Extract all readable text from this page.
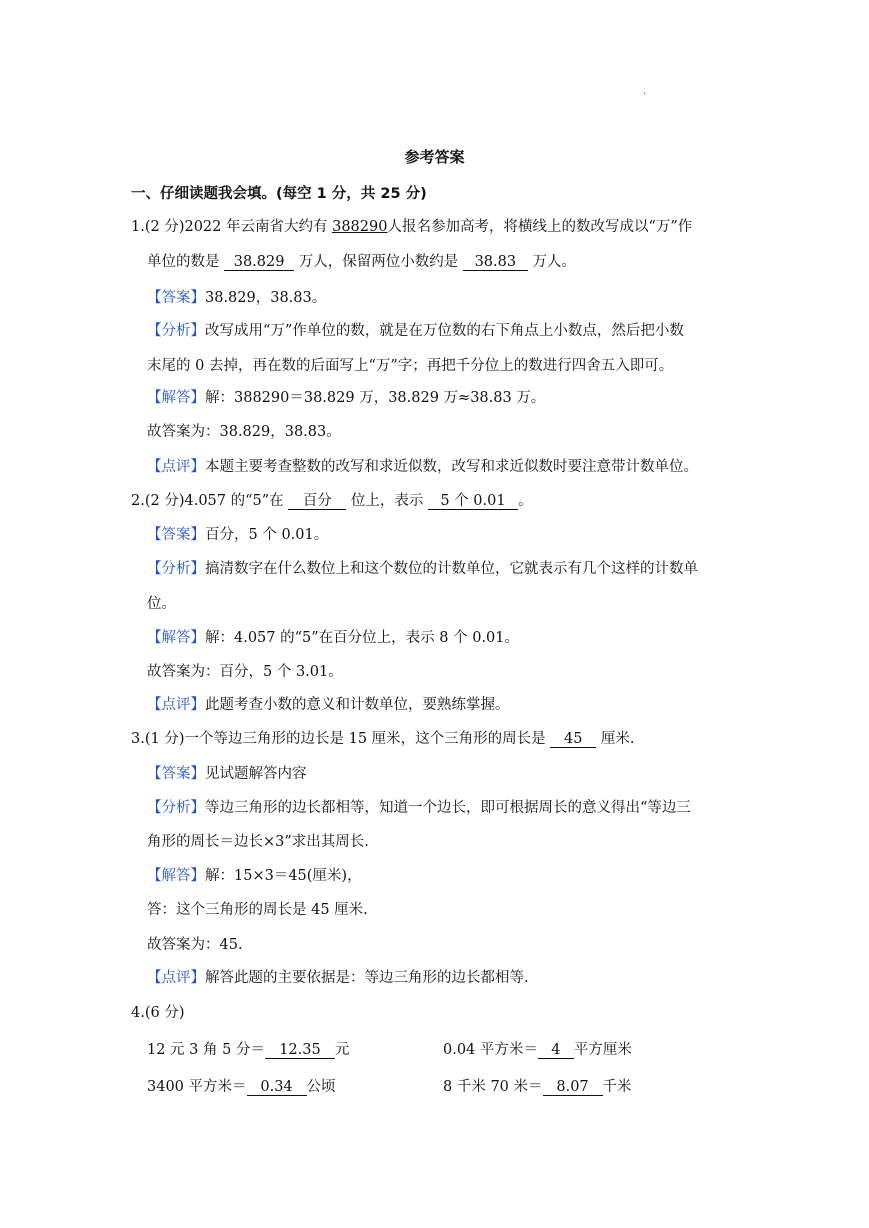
.
参考答案
一、仔细读题我会填。(每空 1 分，共 25 分)
1.(2 分)2022 年云南省大约有 388290人报名参加高考，将横线上的数改写成以“万”作
单位的数是 38.829 万人，保留两位小数约是 38.83 万人。
【答案】38.829，38.83。
【分析】改写成用“万”作单位的数，就是在万位数的右下角点上小数点，然后把小数
末尾的 0 去掉，再在数的后面写上“万”字；再把千分位上的数进行四舍五入即可。
【解答】解：388290＝38.829 万，38.829 万≈38.83 万。
故答案为：38.829，38.83。
【点评】本题主要考查整数的改写和求近似数，改写和求近似数时要注意带计数单位。
2.(2 分)4.057 的“5”在 百分 位上，表示 5 个 0.01 。
【答案】百分，5 个 0.01。
【分析】搞清数字在什么数位上和这个数位的计数单位，它就表示有几个这样的计数单
位。
【解答】解：4.057 的“5”在百分位上，表示 8 个 0.01。
故答案为：百分，5 个 3.01。
【点评】此题考查小数的意义和计数单位，要熟练掌握。
3.(1 分)一个等边三角形的边长是 15 厘米，这个三角形的周长是 45 厘米.
【答案】见试题解答内容
【分析】等边三角形的边长都相等，知道一个边长，即可根据周长的意义得出“等边三
角形的周长＝边长×3”求出其周长.
【解答】解：15×3＝45(厘米)，
答：这个三角形的周长是 45 厘米.
故答案为：45.
【点评】解答此题的主要依据是：等边三角形的边长都相等.
4.(6 分)
12 元 3 角 5 分＝ 12.35 元	0.04 平方米＝ 4 平方厘米
3400 平方米＝ 0.34 公顷	8 千米 70 米＝ 8.07 千米
